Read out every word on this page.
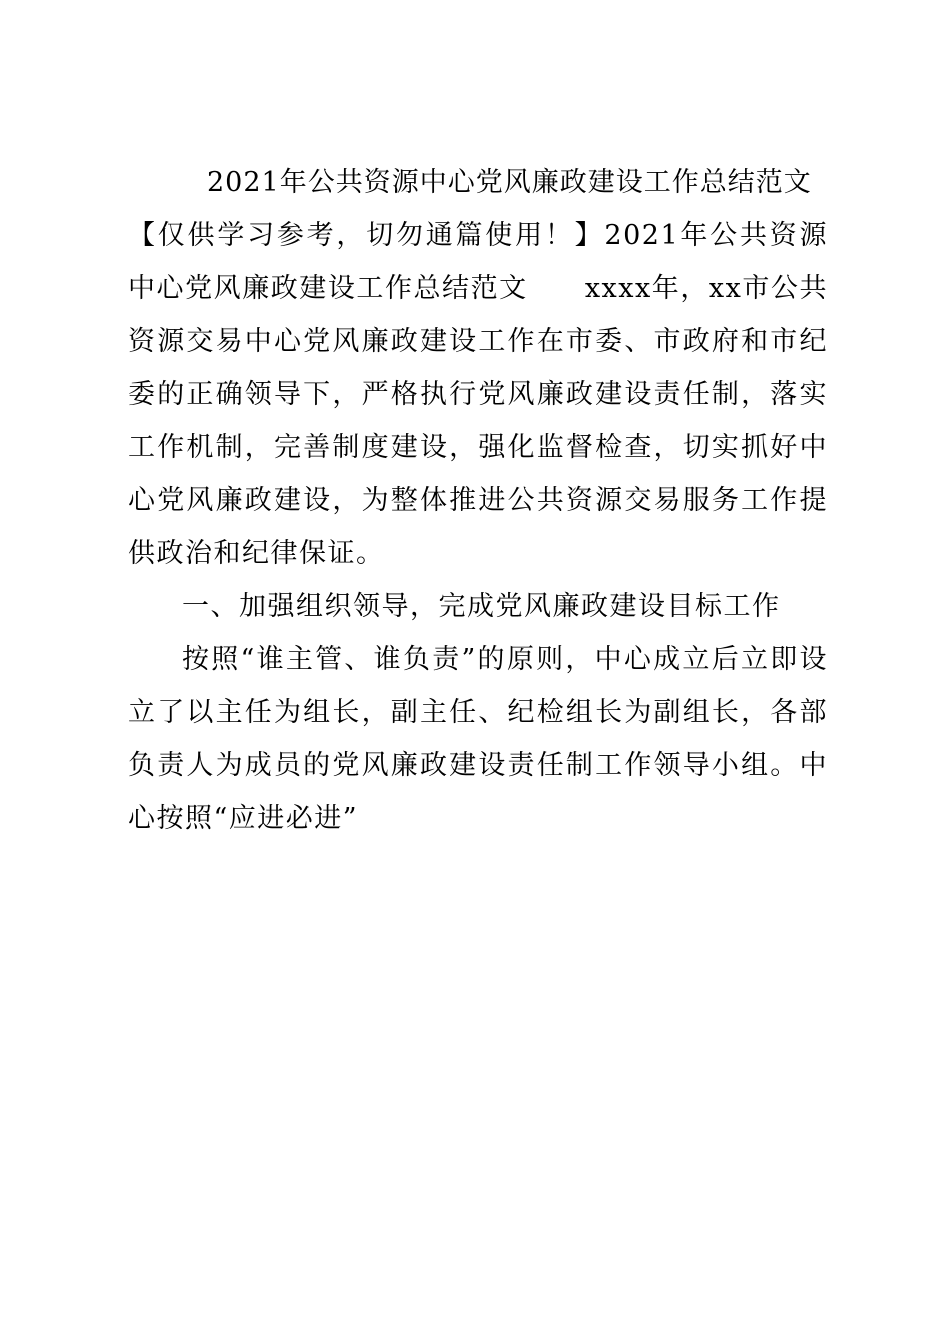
2021年公共资源中心党风廉政建设工作总结范文

【仅供学习参考，切勿通篇使用！】2021年公共资源中心党风廉政建设工作总结范文　　xxxx年，xx市公共资源交易中心党风廉政建设工作在市委、市政府和市纪委的正确领导下，严格执行党风廉政建设责任制，落实工作机制，完善制度建设，强化监督检查，切实抓好中心党风廉政建设，为整体推进公共资源交易服务工作提供政治和纪律保证。

一、加强组织领导，完成党风廉政建设目标工作

按照“谁主管、谁负责”的原则，中心成立后立即设立了以主任为组长，副主任、纪检组长为副组长，各部负责人为成员的党风廉政建设责任制工作领导小组。中心按照“应进必进”
